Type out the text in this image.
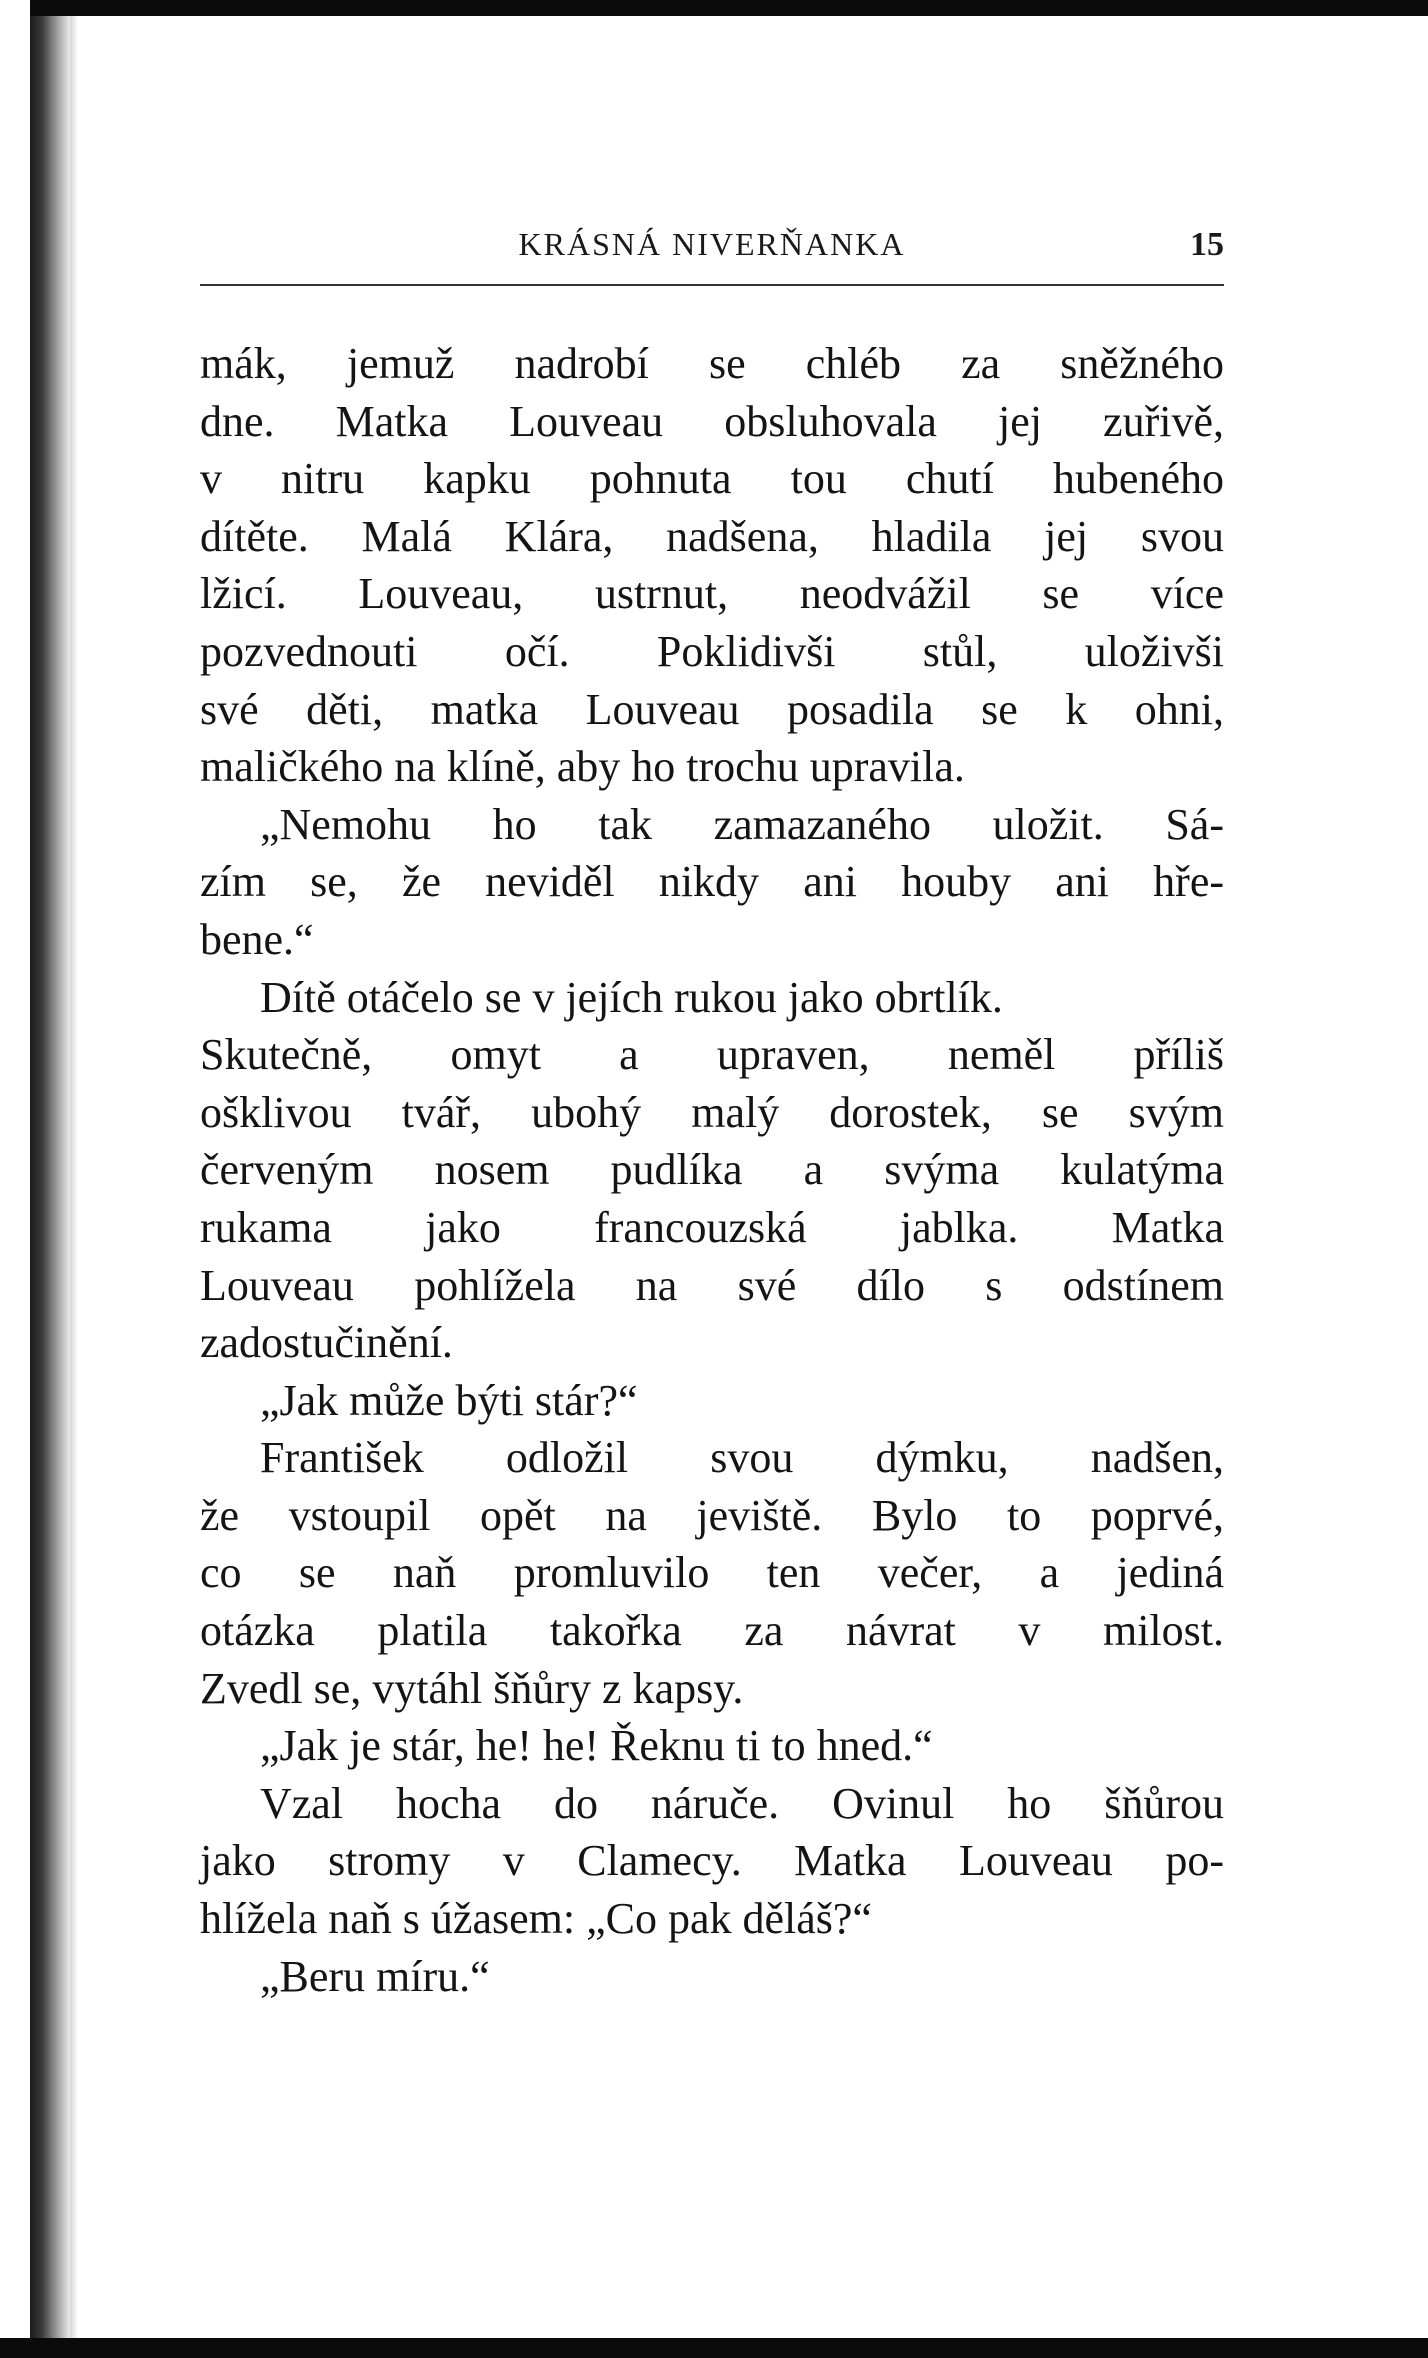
KRÁSNÁ NIVERŇANKA	15
mák, jemuž nadrobí se chléb za sněžného
dne. Matka Louveau obsluhovala jej zuřivě,
v nitru kapku pohnuta tou chutí hubeného
dítěte. Malá Klára, nadšena, hladila jej svou
lžicí. Louveau, ustrnut, neodvážil se více
pozvednouti očí. Poklidivši stůl, uloživši
své děti, matka Louveau posadila se k ohni,
maličkého na klíně, aby ho trochu upravila.
„Nemohu ho tak zamazaného uložit. Sá-
zím se, že neviděl nikdy ani houby ani hře-
bene.“
Dítě otáčelo se v jejích rukou jako obrtlík.
Skutečně, omyt a upraven, neměl příliš
ošklivou tvář, ubohý malý dorostek, se svým
červeným nosem pudlíka a svýma kulatýma
rukama jako francouzská jablka. Matka
Louveau pohlížela na své dílo s odstínem
zadostučinění.
„Jak může býti stár?“
František odložil svou dýmku, nadšen,
že vstoupil opět na jeviště. Bylo to poprvé,
co se naň promluvilo ten večer, a jediná
otázka platila takořka za návrat v milost.
Zvedl se, vytáhl šňůry z kapsy.
„Jak je stár, he! he! Řeknu ti to hned.“
Vzal hocha do náruče. Ovinul ho šňůrou
jako stromy v Clamecy. Matka Louveau po-
hlížela naň s úžasem: „Co pak děláš?“
„Beru míru.“
